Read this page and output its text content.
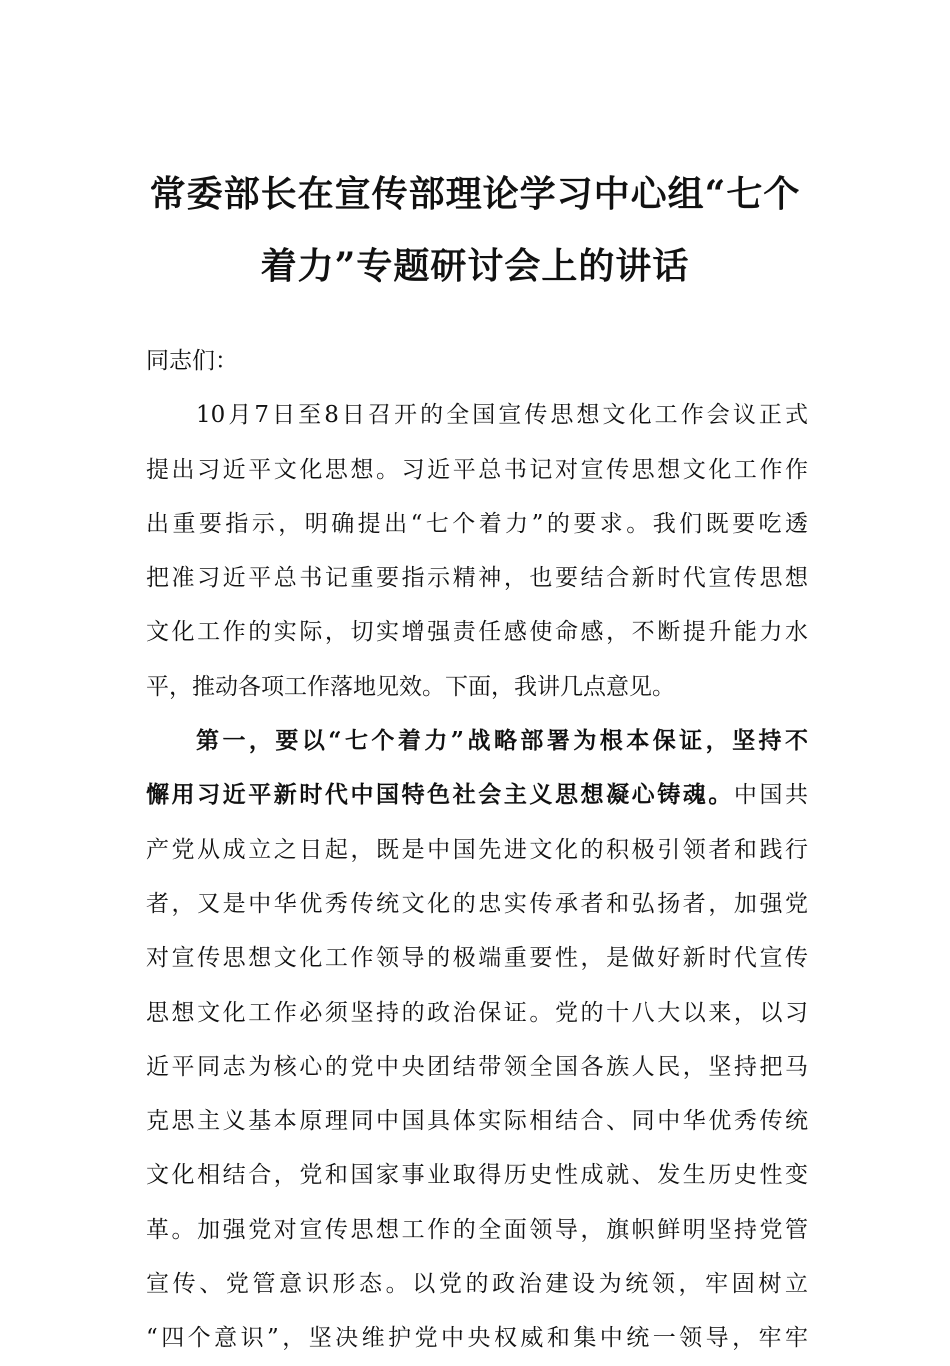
常委部长在宣传部理论学习中心组“七个
着力”专题研讨会上的讲话
同志们：
10月7日至8日召开的全国宣传思想文化工作会议正式
提出习近平文化思想。习近平总书记对宣传思想文化工作作
出重要指示，明确提出“七个着力”的要求。我们既要吃透
把准习近平总书记重要指示精神，也要结合新时代宣传思想
文化工作的实际，切实增强责任感使命感，不断提升能力水
平，推动各项工作落地见效。下面，我讲几点意见。
第一，要以“七个着力”战略部署为根本保证，坚持不
懈用习近平新时代中国特色社会主义思想凝心铸魂。中国共
产党从成立之日起，既是中国先进文化的积极引领者和践行
者，又是中华优秀传统文化的忠实传承者和弘扬者，加强党
对宣传思想文化工作领导的极端重要性，是做好新时代宣传
思想文化工作必须坚持的政治保证。党的十八大以来，以习
近平同志为核心的党中央团结带领全国各族人民，坚持把马
克思主义基本原理同中国具体实际相结合、同中华优秀传统
文化相结合，党和国家事业取得历史性成就、发生历史性变
革。加强党对宣传思想工作的全面领导，旗帜鲜明坚持党管
宣传、党管意识形态。以党的政治建设为统领，牢固树立
“四个意识”，坚决维护党中央权威和集中统一领导，牢牢
